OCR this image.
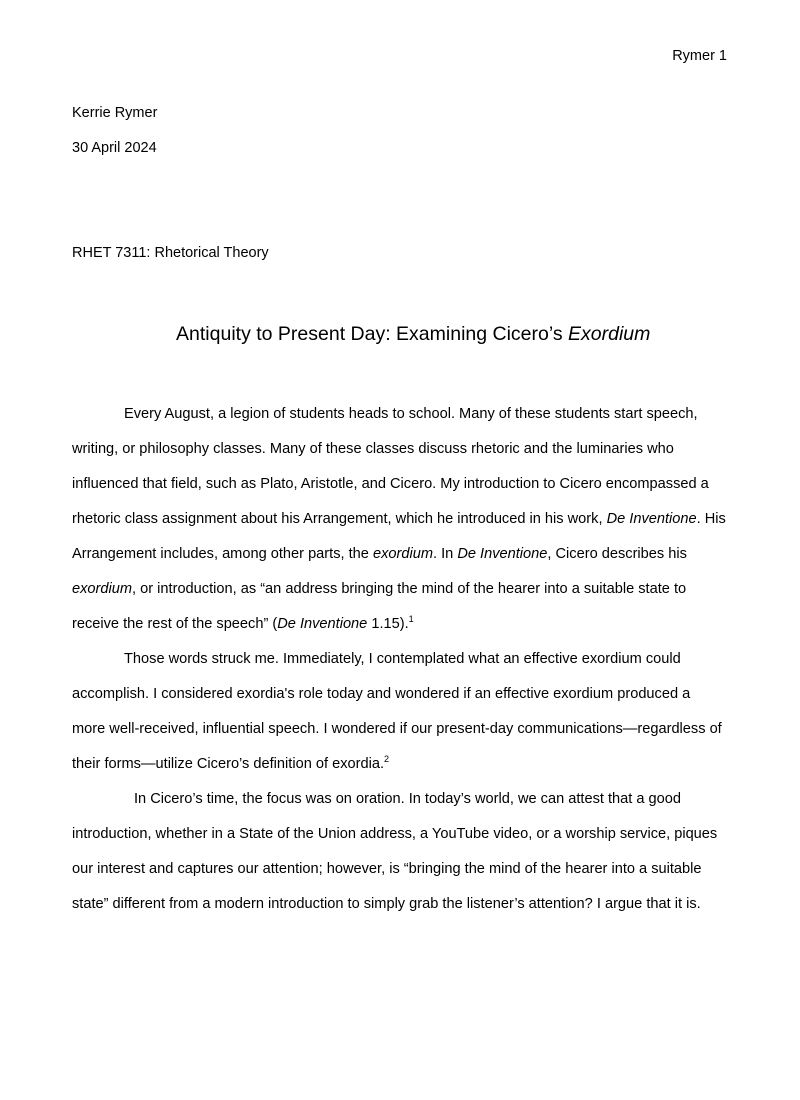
Rymer 1
Kerrie Rymer
30 April 2024
RHET 7311: Rhetorical Theory

Antiquity to Present Day: Examining Cicero’s Exordium

Every August, a legion of students heads to school. Many of these students start speech, writing, or philosophy classes. Many of these classes discuss rhetoric and the luminaries who influenced that field, such as Plato, Aristotle, and Cicero. My introduction to Cicero encompassed a rhetoric class assignment about his Arrangement, which he introduced in his work, De Inventione. His Arrangement includes, among other parts, the exordium. In De Inventione, Cicero describes his exordium, or introduction, as “an address bringing the mind of the hearer into a suitable state to receive the rest of the speech” (De Inventione 1.15).$^1$

Those words struck me. Immediately, I contemplated what an effective exordium could accomplish. I considered exordia's role today and wondered if an effective exordium produced a more well-received, influential speech. I wondered if our present-day communications—regardless of their forms—utilize Cicero’s definition of exordia.$^2$

In Cicero’s time, the focus was on oration. In today’s world, we can attest that a good introduction, whether in a State of the Union address, a YouTube video, or a worship service, piques our interest and captures our attention; however, is “bringing the mind of the hearer into a suitable state” different from a modern introduction to simply grab the listener’s attention? I argue that it is.
